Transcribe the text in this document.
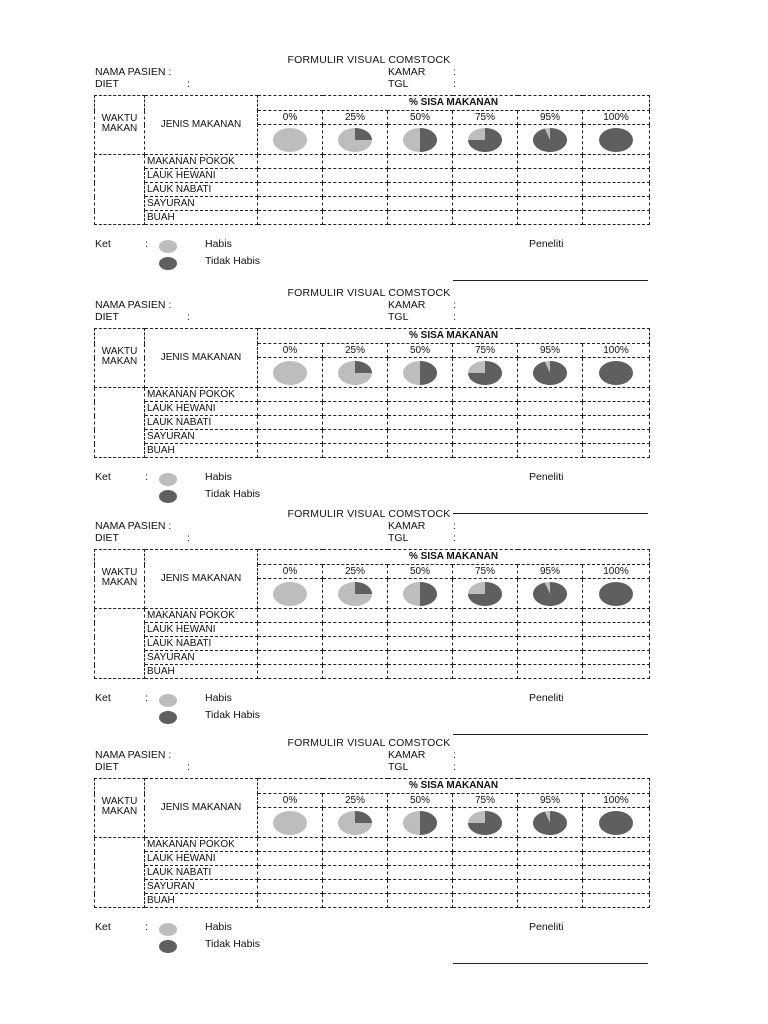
FORMULIR VISUAL COMSTOCK
NAMA PASIEN :	KAMAR	:
DIET	:	TGL	:
WAKTU
MAKAN	JENIS MAKANAN	% SISA MAKANAN					
		0%	25%	50%	75%	95%	100%

	MAKANAN POKOK						
	LAUK HEWANI						
	LAUK NABATI						
	SAYURAN						
	BUAH						
Ket	:	Habis
Tidak Habis
Peneliti
FORMULIR VISUAL COMSTOCK
NAMA PASIEN :	KAMAR	:
DIET	:	TGL	:
WAKTU
MAKAN	JENIS MAKANAN	% SISA MAKANAN					
		0%	25%	50%	75%	95%	100%

	MAKANAN POKOK						
	LAUK HEWANI						
	LAUK NABATI						
	SAYURAN						
	BUAH						
Ket	:	Habis
Tidak Habis
Peneliti
FORMULIR VISUAL COMSTOCK
NAMA PASIEN :	KAMAR	:
DIET	:	TGL	:
WAKTU
MAKAN	JENIS MAKANAN	% SISA MAKANAN					
		0%	25%	50%	75%	95%	100%

	MAKANAN POKOK						
	LAUK HEWANI						
	LAUK NABATI						
	SAYURAN						
	BUAH						
Ket	:	Habis
Tidak Habis
Peneliti
FORMULIR VISUAL COMSTOCK
NAMA PASIEN :	KAMAR	:
DIET	:	TGL	:
WAKTU
MAKAN	JENIS MAKANAN	% SISA MAKANAN					
		0%	25%	50%	75%	95%	100%

	MAKANAN POKOK						
	LAUK HEWANI						
	LAUK NABATI						
	SAYURAN						
	BUAH						
Ket	:	Habis
Tidak Habis
Peneliti
